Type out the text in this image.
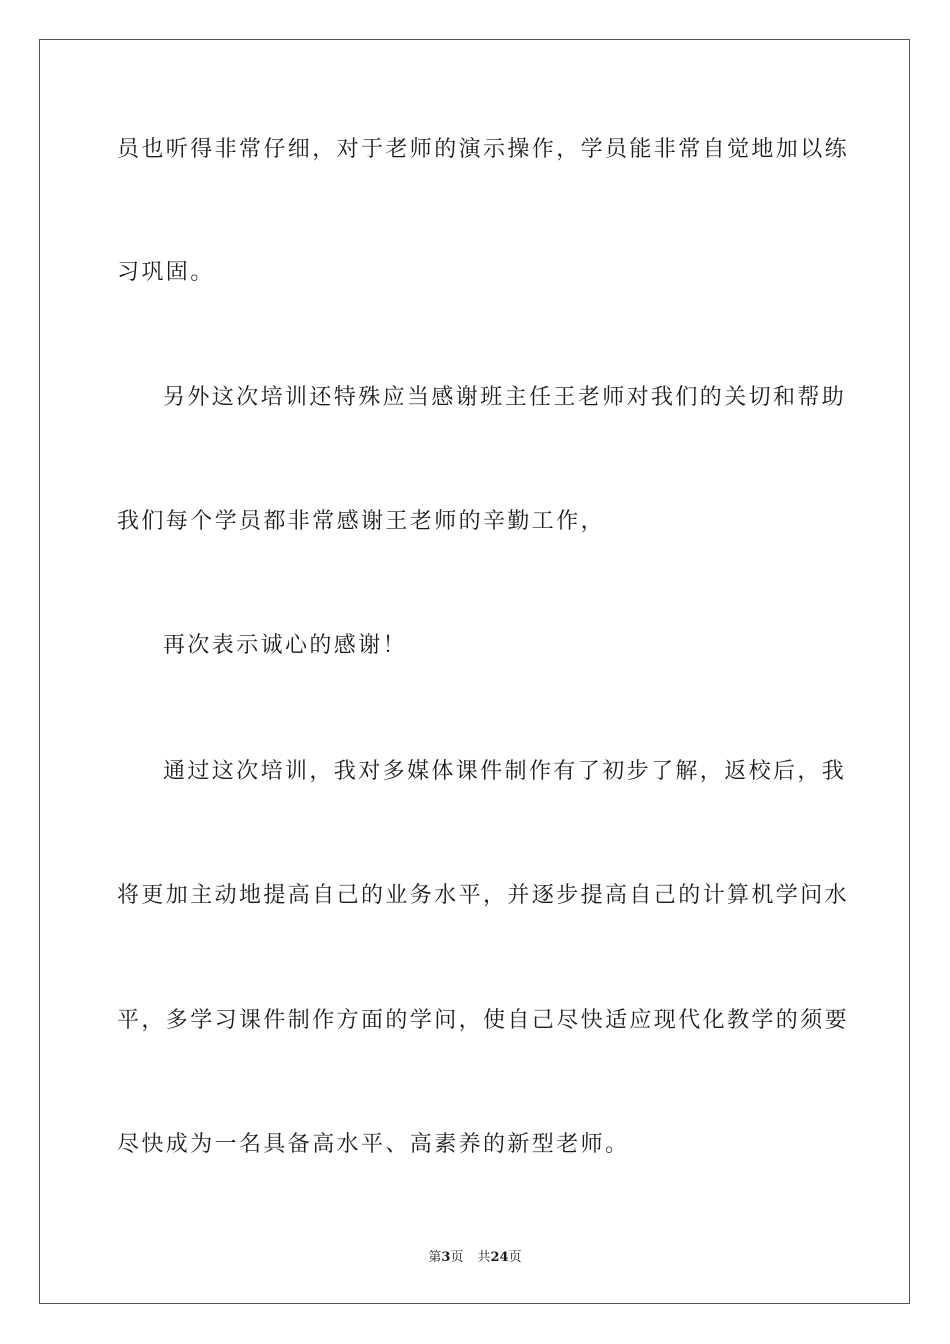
员也听得非常仔细，对于老师的演示操作，学员能非常自觉地加以练
习巩固。
另外这次培训还特殊应当感谢班主任王老师对我们的关切和帮助
我们每个学员都非常感谢王老师的辛勤工作，
再次表示诚心的感谢！
通过这次培训，我对多媒体课件制作有了初步了解，返校后，我
将更加主动地提高自己的业务水平，并逐步提高自己的计算机学问水
平，多学习课件制作方面的学问，使自己尽快适应现代化教学的须要
尽快成为一名具备高水平、高素养的新型老师。
第3页 共24页
